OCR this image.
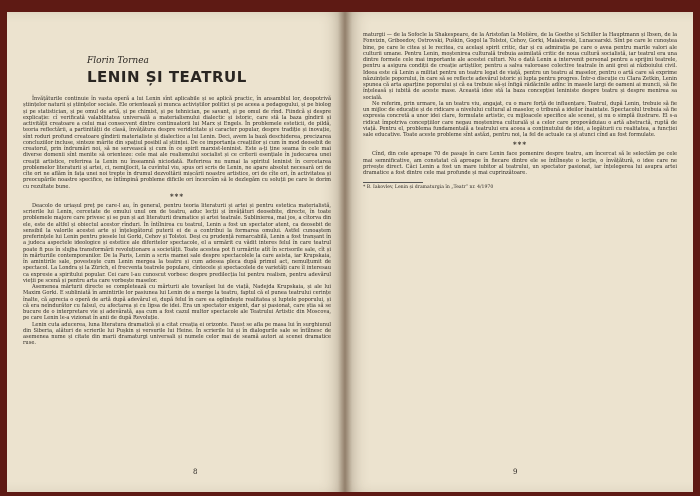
Florin Tornea
LENIN ȘI TEATRUL

Învățăturile continuie în vasta operă a lui Lenin sînt aplicabile și se aplică practic, în ansamblul lor, deopotrivă științelor naturii și științelor sociale. Ele orientează și munca activiștilor politici și pe aceea a pedagogului, și pe biolog și pe statistician, și pe omul de artă, și pe chimist, și pe tehnician, pe savant, și pe omul de rînd. Fiindcă și despre explicație: cî verificată valabilitatea universală a materialismului dialectic și istoric, care stă la baza gîndirii și activității creatoare a celui mai consecvent dintre continuatorii lui Marx și Engels. În problemele esteticii, de pildă, teoria reflectării, a partinității de clasă, învățătura despre veridicitate și caracter popular, despre tradiție și inovație, sînt roduri profund creatoare gîndirii materialiste și dialectice a lui Lenin. Deci, avem la bază deschiderea, precizarea concluziilor incluse, sinteze mărite din spațiul posibil al științei. De ce importanța creațiilor și cum în mod deosebit de creatorul, prin îndrumări noi, să ne servească și cum în ce spirit marxist-leninist. Este a-ți ține seama în cele mai diverse domenii sînt menite să orienteze: cele mai ale realismului socialist și ce criterii esențiale în judecarea unei creații artistice, referirea la Lenin nu înseamnă niciodată. Referirea nu numai la spiritul leninist în cercetarea problemelor literaturii și artei, ci, nemijlocit, la cuvîntul viu, spus ori scris de Lenin, ne apare absolut necesară ori de cîte ori ne aflăm în fața unei noi trepte în drumul dezvoltării mișcării noastre artistice, ori de cîte ori, în activitatea și preocupările noastre specifice, ne întîmpină probleme dificile ori încercăm să le dezlegăm cu soluții pe care le dorim cu rezultate bune.

***

Deacolo de uriașul preț pe care-l au, în general, pentru teoria literaturii și artei și pentru estetica materialistă, scrierile lui Lenin, cercetate de omului unul om de teatru, aduc lecții și învățături deosebite, directe, în toate problemele majore care privesc și se pun și azi literaturii dramatice și artei teatrale. Sublinierea, mai jos, a cîtorva din ele, este de altfel și obiectul acestor rînduri. În întîlnirea cu teatrul, Lenin a fost un spectator atent, ca deosebit de sensibil la valorile acestei arte și înțelegătorul puterii ei de a contribui la formarea omului. Astfel cunoaștem preferințele lui Lenin pentru piesele lui Gorki, Cehov și Tolstoi. Deși cu prudență remarcabilă, Lenin a fost tranșant în a judeca aspectele ideologice și estetice ale diferitelor spectacole, el a urmărit cu vădit interes felul în care teatrul poate fi pus în slujba transformării revoluționare a societății. Toate acestea pot fi urmărite atît în scrisorile sale, cît și în mărturiile contemporanilor. De la Paris, Lenin a scris mamei sale despre spectacolele la care asista, iar Krupskaia, în amintirile sale, povestește cum Lenin mergea la teatru și cum adesea pleca după primul act, nemulțumit de spectacol. La Londra și la Zürich, el frecventa teatrele populare, cîntecele și spectacolele de varietăți care îl interesau ca expresie a spiritului popular. Cei care l-au cunoscut vorbesc despre predilecția lui pentru realism, pentru adevărul vieții pe scenă și pentru arta care vorbește maselor.

Asemenea mărturii directe se completează cu mărturii ale tovarășei lui de viață, Nadejda Krupskaia, și ale lui Maxim Gorki. E subliniată în amintirile lor pasiunea lui Lenin de a merge la teatru, faptul că el punea teatrului cerințe înalte, că aprecia o operă de artă după adevărul ei, după felul în care ea oglindește realitatea și luptele poporului, și că era neîndurător cu falsul, cu afectarea și cu lipsa de idei. Era un spectator exigent, dar și pasionat, care știa să se bucure de o interpretare vie și adevărată, așa cum a fost cazul multor spectacole ale Teatrului Artistic din Moscova, pe care Lenin le-a vizionat în anii de după Revoluție.

Lenin cuta aducerea, luna literatura dramatică și a citat creația ei orizonte. Faust se afla pe masa lui în surghiunul din Siberia, alături de scrierile lui Pușkin și versurile lui Heine. În scrierile lui și în dialogurile sale se întîlnesc de asemenea nume și citate din marii dramaturgi universali și numele celor mai de seamă autori ai scenei dramatice ruse.

8

maturgii — de la Sofocle la Shakespeare, de la Aristofan la Molière, de la Goethe și Schiller la Hauptmann și Ibsen, de la Fonvizin, Griboedov, Ostrovski, Puškin, Gogol la Tolstoi, Cehov, Gorki, Maiakovski, Lunacearski. Sînt pe care le cunoștea bine, pe care le citea și le recitea, cu același spirit critic, dar și cu admirația pe care o avea pentru marile valori ale culturii umane. Pentru Lenin, moștenirea culturală trebuia asimilată critic de noua cultură socialistă, iar teatrul era una dintre formele cele mai importante ale acestei culturi. Nu o dată Lenin a intervenit personal pentru a sprijini teatrele, pentru a asigura condiții de creație artiștilor, pentru a salva valoroase colective teatrale în anii grei ai războiului civil. Ideea este că Lenin a militat pentru un teatru legat de viață, pentru un teatru al maselor, pentru o artă care să exprime năzuințele poporului, în care să se reflecte adevărul istoric și lupta pentru progres. Într-o discuție cu Clara Zetkin, Lenin spunea că arta aparține poporului și că ea trebuie să-și înfigă rădăcinile adînc în masele largi de oameni ai muncii, să fie înțeleasă și iubită de aceste mase. Această idee stă la baza concepției leniniste despre teatru și despre menirea sa socială.

Ne referim, prin urmare, la un teatru viu, angajat, cu o mare forță de influențare. Teatrul, după Lenin, trebuie să fie un mijloc de educație și de ridicare a nivelului cultural al maselor, o tribună a ideilor înaintate. Spectacolul trebuia să fie expresia concretă a unor idei clare, formulate artistic, cu mijloacele specifice ale scenei, și nu o simplă ilustrare. El s-a ridicat împotriva concepțiilor care negau moștenirea culturală și a celor care propovăduiau o artă abstractă, ruptă de viață. Pentru el, problema fundamentală a teatrului era aceea a conținutului de idei, a legăturii cu realitatea, a funcției sale educative. Toate aceste probleme sînt astăzi, pentru noi, la fel de actuale ca și atunci cînd au fost formulate.

***

Cînd, din cele aproape 70 de pasaje în care Lenin face pomenire despre teatru, am încercat să le selectăm pe cele mai semnificative, am constatat că aproape în fiecare dintre ele se întîlnește o lecție, o învățătură, o idee care ne privește direct. Căci Lenin a fost un mare iubitor al teatrului, un spectator pasionat, iar înțelegerea lui asupra artei dramatice a fost dintre cele mai profunde și mai cuprinzătoare.

* B. Iakovlev, Lenin și dramaturgia în „Teatr” nr. 4/1970

9
